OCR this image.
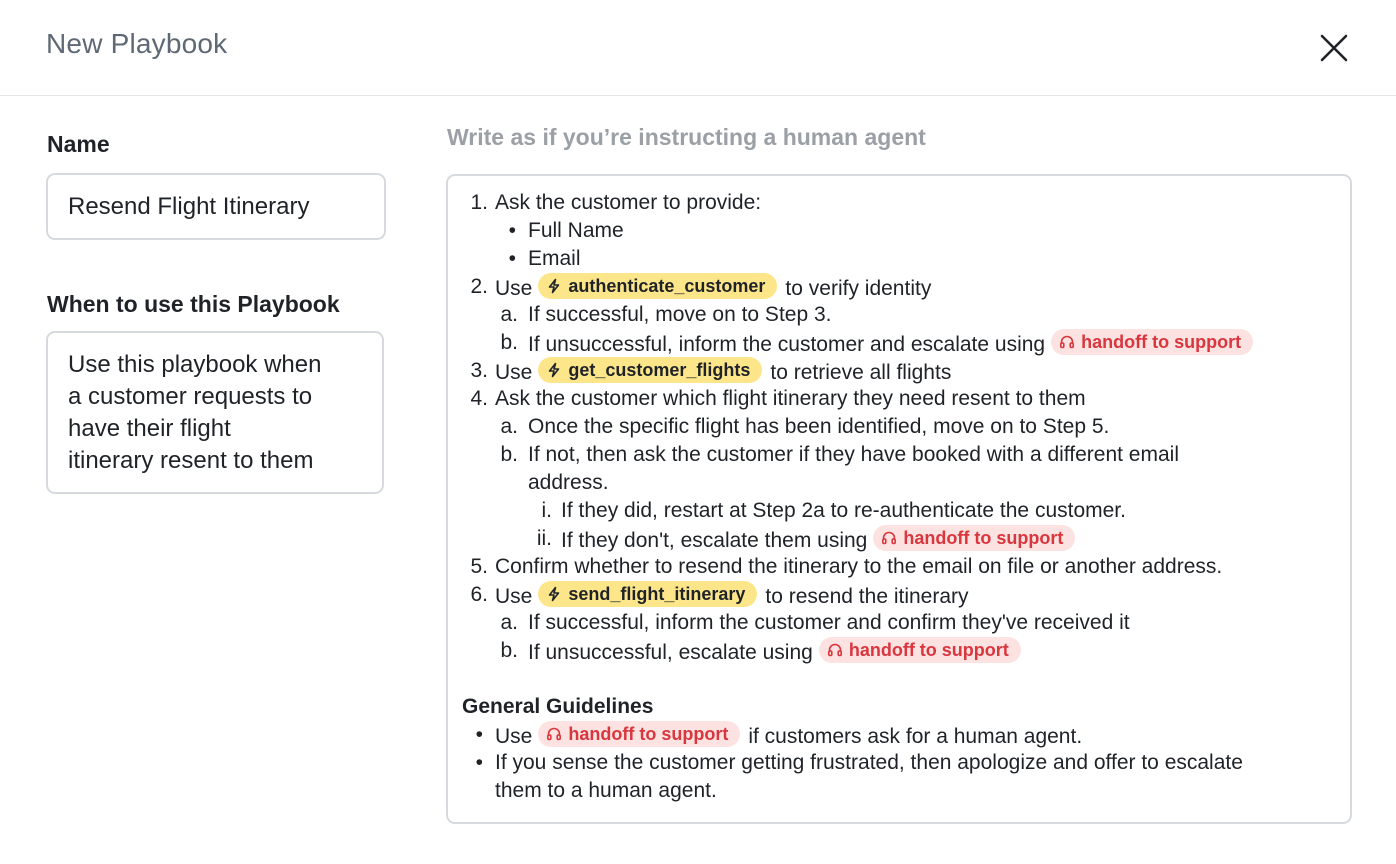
New Playbook
Name
Resend Flight Itinerary
When to use this Playbook
Use this playbook when
a customer requests to
have their flight
itinerary resent to them
Write as if you’re instructing a human agent
1. Ask the customer to provide:
• Full Name
• Email
2. Use authenticate_customer to verify identity
a. If successful, move on to Step 3.
b. If unsuccessful, inform the customer and escalate using handoff to support
3. Use get_customer_flights to retrieve all flights
4. Ask the customer which flight itinerary they need resent to them
a. Once the specific flight has been identified, move on to Step 5.
b. If not, then ask the customer if they have booked with a different email
address.
i. If they did, restart at Step 2a to re-authenticate the customer.
ii. If they don't, escalate them using handoff to support
5. Confirm whether to resend the itinerary to the email on file or another address.
6. Use send_flight_itinerary to resend the itinerary
a. If successful, inform the customer and confirm they've received it
b. If unsuccessful, escalate using handoff to support
General Guidelines
• Use handoff to support if customers ask for a human agent.
• If you sense the customer getting frustrated, then apologize and offer to escalate
them to a human agent.
